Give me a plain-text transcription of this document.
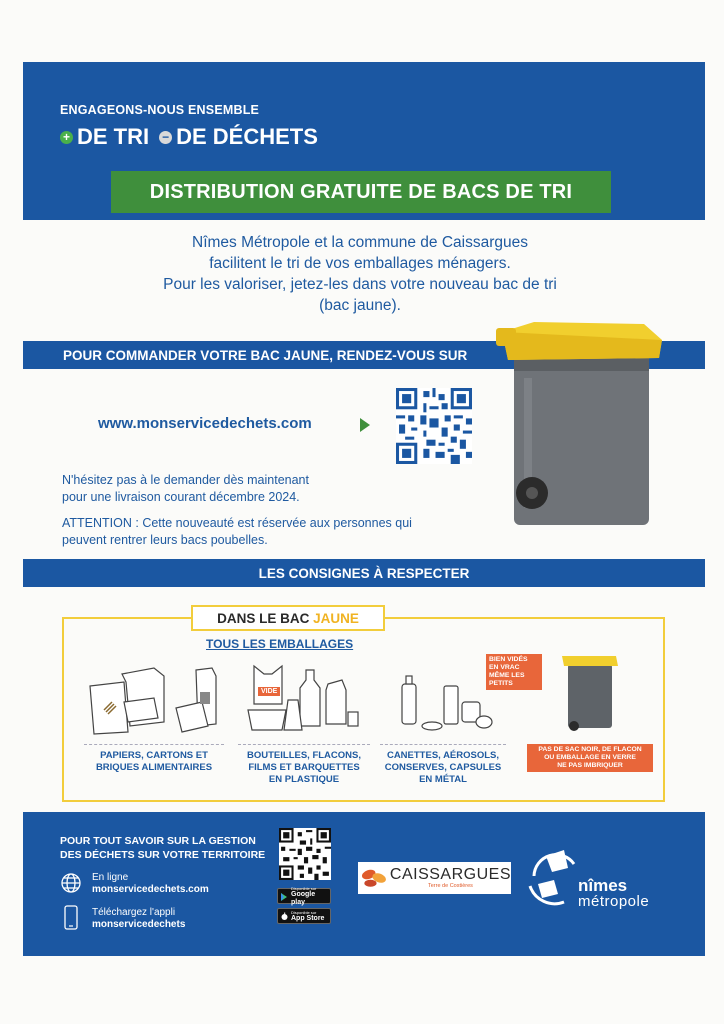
ENGAGEONS-NOUS ENSEMBLE
+ DE TRI − DE DÉCHETS
DISTRIBUTION GRATUITE DE BACS DE TRI
Nîmes Métropole et la commune de Caissargues
facilitent le tri de vos emballages ménagers.
Pour les valoriser, jetez-les dans votre nouveau bac de tri
(bac jaune).
POUR COMMANDER VOTRE BAC JAUNE, RENDEZ-VOUS SUR
www.monservicedechets.com
N'hésitez pas à le demander dès maintenant
pour une livraison courant décembre 2024.
ATTENTION : Cette nouveauté est réservée aux personnes qui
peuvent rentrer leurs bacs poubelles.
LES CONSIGNES À RESPECTER
DANS LE BAC JAUNE
TOUS LES EMBALLAGES
VIDE
PAPIERS, CARTONS ET
BRIQUES ALIMENTAIRES
BOUTEILLES, FLACONS,
FILMS ET BARQUETTES
EN PLASTIQUE
CANETTES, AÉROSOLS,
CONSERVES, CAPSULES
EN MÉTAL
BIEN VIDÉS
EN VRAC
MÊME LES PETITS
PAS DE SAC NOIR, DE FLACON
OU EMBALLAGE EN VERRE
NE PAS IMBRIQUER
POUR TOUT SAVOIR SUR LA GESTION
DES DÉCHETS SUR VOTRE TERRITOIRE
En ligne
monservicedechets.com
Téléchargez l'appli
monservicedechets
Disponible sur
Google play
Disponible sur
App Store
CAISSARGUES
Terre de Costières	nîmes
métropole
